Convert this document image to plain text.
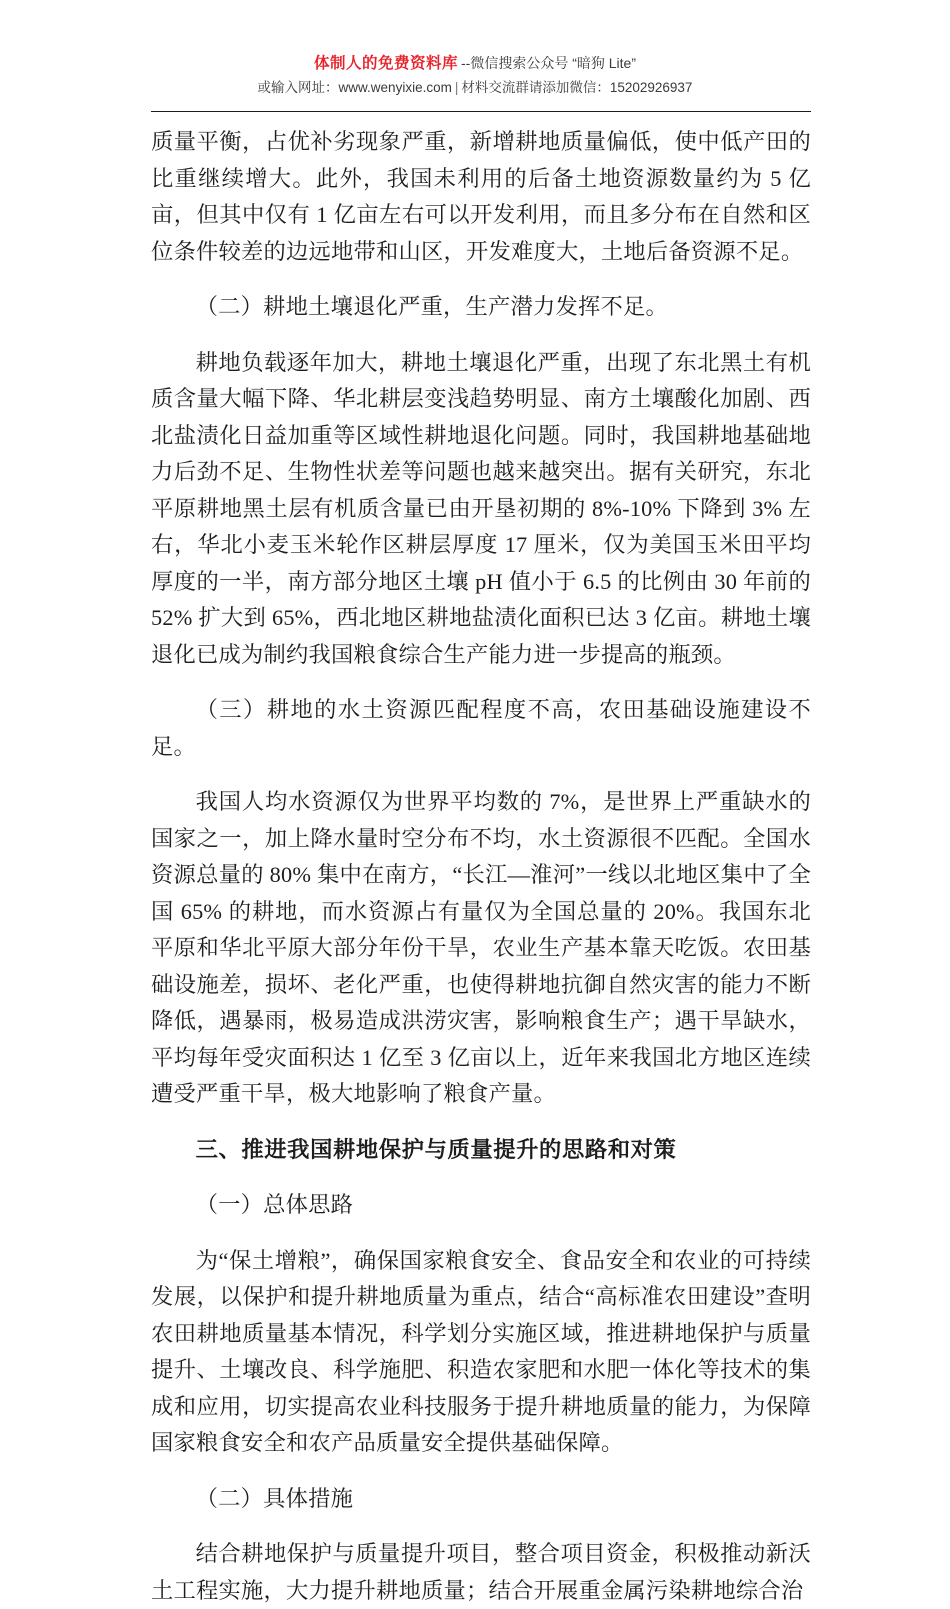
体制人的免费资料库 --微信搜索公众号 “暗狗 Lite”
或输入网址：www.wenyixie.com | 材料交流群请添加微信：15202926937

质量平衡，占优补劣现象严重，新增耕地质量偏低，使中低产田的比重继续增大。此外，我国未利用的后备土地资源数量约为 5 亿亩，但其中仅有 1 亿亩左右可以开发利用，而且多分布在自然和区位条件较差的边远地带和山区，开发难度大，土地后备资源不足。

（二）耕地土壤退化严重，生产潜力发挥不足。

耕地负载逐年加大，耕地土壤退化严重，出现了东北黑土有机质含量大幅下降、华北耕层变浅趋势明显、南方土壤酸化加剧、西北盐渍化日益加重等区域性耕地退化问题。同时，我国耕地基础地力后劲不足、生物性状差等问题也越来越突出。据有关研究，东北平原耕地黑土层有机质含量已由开垦初期的 8%-10% 下降到 3% 左右，华北小麦玉米轮作区耕层厚度 17 厘米，仅为美国玉米田平均厚度的一半，南方部分地区土壤 pH 值小于 6.5 的比例由 30 年前的 52% 扩大到 65%，西北地区耕地盐渍化面积已达 3 亿亩。耕地土壤退化已成为制约我国粮食综合生产能力进一步提高的瓶颈。

（三）耕地的水土资源匹配程度不高，农田基础设施建设不足。

我国人均水资源仅为世界平均数的 7%，是世界上严重缺水的国家之一，加上降水量时空分布不均，水土资源很不匹配。全国水资源总量的 80% 集中在南方，“长江—淮河”一线以北地区集中了全国 65% 的耕地，而水资源占有量仅为全国总量的 20%。我国东北平原和华北平原大部分年份干旱，农业生产基本靠天吃饭。农田基础设施差，损坏、老化严重，也使得耕地抗御自然灾害的能力不断降低，遇暴雨，极易造成洪涝灾害，影响粮食生产；遇干旱缺水，平均每年受灾面积达 1 亿至 3 亿亩以上，近年来我国北方地区连续遭受严重干旱，极大地影响了粮食产量。

三、推进我国耕地保护与质量提升的思路和对策

（一）总体思路

为“保土增粮”，确保国家粮食安全、食品安全和农业的可持续发展，以保护和提升耕地质量为重点，结合“高标准农田建设”查明农田耕地质量基本情况，科学划分实施区域，推进耕地保护与质量提升、土壤改良、科学施肥、积造农家肥和水肥一体化等技术的集成和应用，切实提高农业科技服务于提升耕地质量的能力，为保障国家粮食安全和农产品质量安全提供基础保障。

（二）具体措施

结合耕地保护与质量提升项目，整合项目资金，积极推动新沃土工程实施，大力提升耕地质量；结合开展重金属污染耕地综合治
